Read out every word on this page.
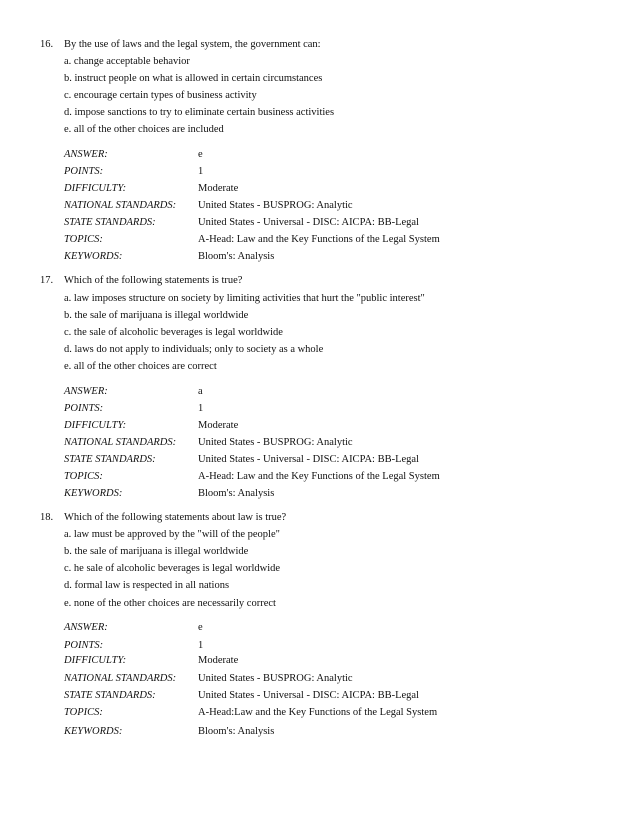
16. By the use of laws and the legal system, the government can:
a. change acceptable behavior
b. instruct people on what is allowed in certain circumstances
c. encourage certain types of business activity
d. impose sanctions to try to eliminate certain business activities
e. all of the other choices are included
ANSWER:	e
POINTS:	1
DIFFICULTY:	Moderate
NATIONAL STANDARDS: United States - BUSPROG: Analytic
STATE STANDARDS:	United States - Universal - DISC: AICPA: BB-Legal
TOPICS:	A-Head: Law and the Key Functions of the Legal System
KEYWORDS:	Bloom's: Analysis
17. Which of the following statements is true?
a. law imposes structure on society by limiting activities that hurt the "public interest"
b. the sale of marijuana is illegal worldwide
c. the sale of alcoholic beverages is legal worldwide
d. laws do not apply to individuals; only to society as a whole
e. all of the other choices are correct
ANSWER:	a
POINTS:	1
DIFFICULTY:	Moderate
NATIONAL STANDARDS: United States - BUSPROG: Analytic
STATE STANDARDS:	United States - Universal - DISC: AICPA: BB-Legal
TOPICS:	A-Head: Law and the Key Functions of the Legal System
KEYWORDS:	Bloom's: Analysis
18. Which of the following statements about law is true?
a. law must be approved by the "will of the people"
b. the sale of marijuana is illegal worldwide
c. he sale of alcoholic beverages is legal worldwide
d. formal law is respected in all nations
e. none of the other choices are necessarily correct
ANSWER:	e
POINTS:	1
DIFFICULTY:	Moderate
NATIONAL STANDARDS: United States - BUSPROG: Analytic
STATE STANDARDS:	United States - Universal - DISC: AICPA: BB-Legal
TOPICS:	A-Head:Law and the Key Functions of the Legal System
KEYWORDS:	Bloom's: Analysis
